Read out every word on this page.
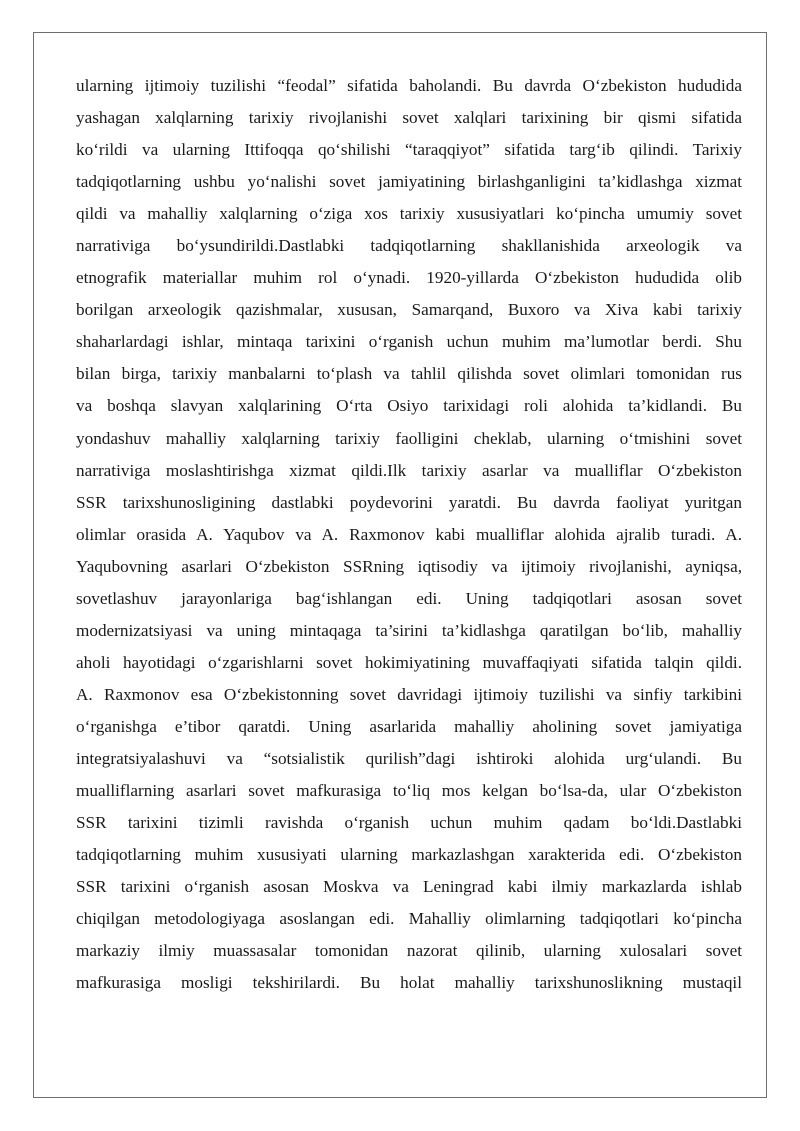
ularning ijtimoiy tuzilishi “feodal” sifatida baholandi. Bu davrda O‘zbekiston hududida
yashagan xalqlarning tarixiy rivojlanishi sovet xalqlari tarixining bir qismi sifatida
ko‘rildi va ularning Ittifoqqa qo‘shilishi “taraqqiyot” sifatida targ‘ib qilindi. Tarixiy
tadqiqotlarning ushbu yo‘nalishi sovet jamiyatining birlashganligini ta’kidlashga xizmat
qildi va mahalliy xalqlarning o‘ziga xos tarixiy xususiyatlari ko‘pincha umumiy sovet
narrativiga bo‘ysundirildi.Dastlabki tadqiqotlarning shakllanishida arxeologik va
etnografik materiallar muhim rol o‘ynadi. 1920-yillarda O‘zbekiston hududida olib
borilgan arxeologik qazishmalar, xususan, Samarqand, Buxoro va Xiva kabi tarixiy
shaharlardagi ishlar, mintaqa tarixini o‘rganish uchun muhim ma’lumotlar berdi. Shu
bilan birga, tarixiy manbalarni to‘plash va tahlil qilishda sovet olimlari tomonidan rus
va boshqa slavyan xalqlarining O‘rta Osiyo tarixidagi roli alohida ta’kidlandi. Bu
yondashuv mahalliy xalqlarning tarixiy faolligini cheklab, ularning o‘tmishini sovet
narrativiga moslashtirishga xizmat qildi.Ilk tarixiy asarlar va mualliflar O‘zbekiston
SSR tarixshunosligining dastlabki poydevorini yaratdi. Bu davrda faoliyat yuritgan
olimlar orasida A. Yaqubov va A. Raxmonov kabi mualliflar alohida ajralib turadi. A.
Yaqubovning asarlari O‘zbekiston SSRning iqtisodiy va ijtimoiy rivojlanishi, ayniqsa,
sovetlashuv jarayonlariga bag‘ishlangan edi. Uning tadqiqotlari asosan sovet
modernizatsiyasi va uning mintaqaga ta’sirini ta’kidlashga qaratilgan bo‘lib, mahalliy
aholi hayotidagi o‘zgarishlarni sovet hokimiyatining muvaffaqiyati sifatida talqin qildi.
A. Raxmonov esa O‘zbekistonning sovet davridagi ijtimoiy tuzilishi va sinfiy tarkibini
o‘rganishga e’tibor qaratdi. Uning asarlarida mahalliy aholining sovet jamiyatiga
integratsiyalashuvi va “sotsialistik qurilish”dagi ishtiroki alohida urg‘ulandi. Bu
mualliflarning asarlari sovet mafkurasiga to‘liq mos kelgan bo‘lsa-da, ular O‘zbekiston
SSR tarixini tizimli ravishda o‘rganish uchun muhim qadam bo‘ldi.Dastlabki
tadqiqotlarning muhim xususiyati ularning markazlashgan xarakterida edi. O‘zbekiston
SSR tarixini o‘rganish asosan Moskva va Leningrad kabi ilmiy markazlarda ishlab
chiqilgan metodologiyaga asoslangan edi. Mahalliy olimlarning tadqiqotlari ko‘pincha
markaziy ilmiy muassasalar tomonidan nazorat qilinib, ularning xulosalari sovet
mafkurasiga mosligi tekshirilardi. Bu holat mahalliy tarixshunoslikning mustaqil
